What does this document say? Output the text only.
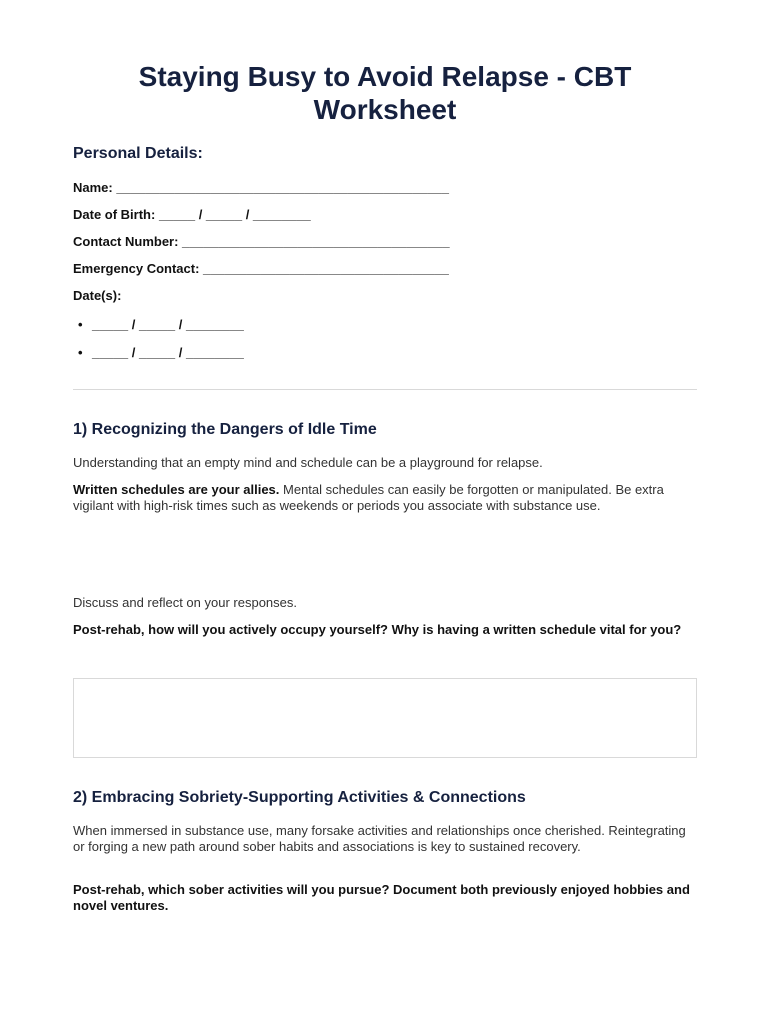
Staying Busy to Avoid Relapse - CBT
Worksheet
Personal Details:
Name: ______________________________________________
Date of Birth: _____ / _____ / ________
Contact Number: _____________________________________
Emergency Contact: __________________________________
Date(s):
• _____ / _____ / ________
• _____ / _____ / ________
1) Recognizing the Dangers of Idle Time
Understanding that an empty mind and schedule can be a playground for relapse.
Written schedules are your allies. Mental schedules can easily be forgotten or manipulated. Be extra vigilant with high-risk times such as weekends or periods you associate with substance use.
Discuss and reflect on your responses.
Post-rehab, how will you actively occupy yourself? Why is having a written schedule vital for you?
2) Embracing Sobriety-Supporting Activities & Connections
When immersed in substance use, many forsake activities and relationships once cherished. Reintegrating or forging a new path around sober habits and associations is key to sustained recovery.
Post-rehab, which sober activities will you pursue? Document both previously enjoyed hobbies and novel ventures.
